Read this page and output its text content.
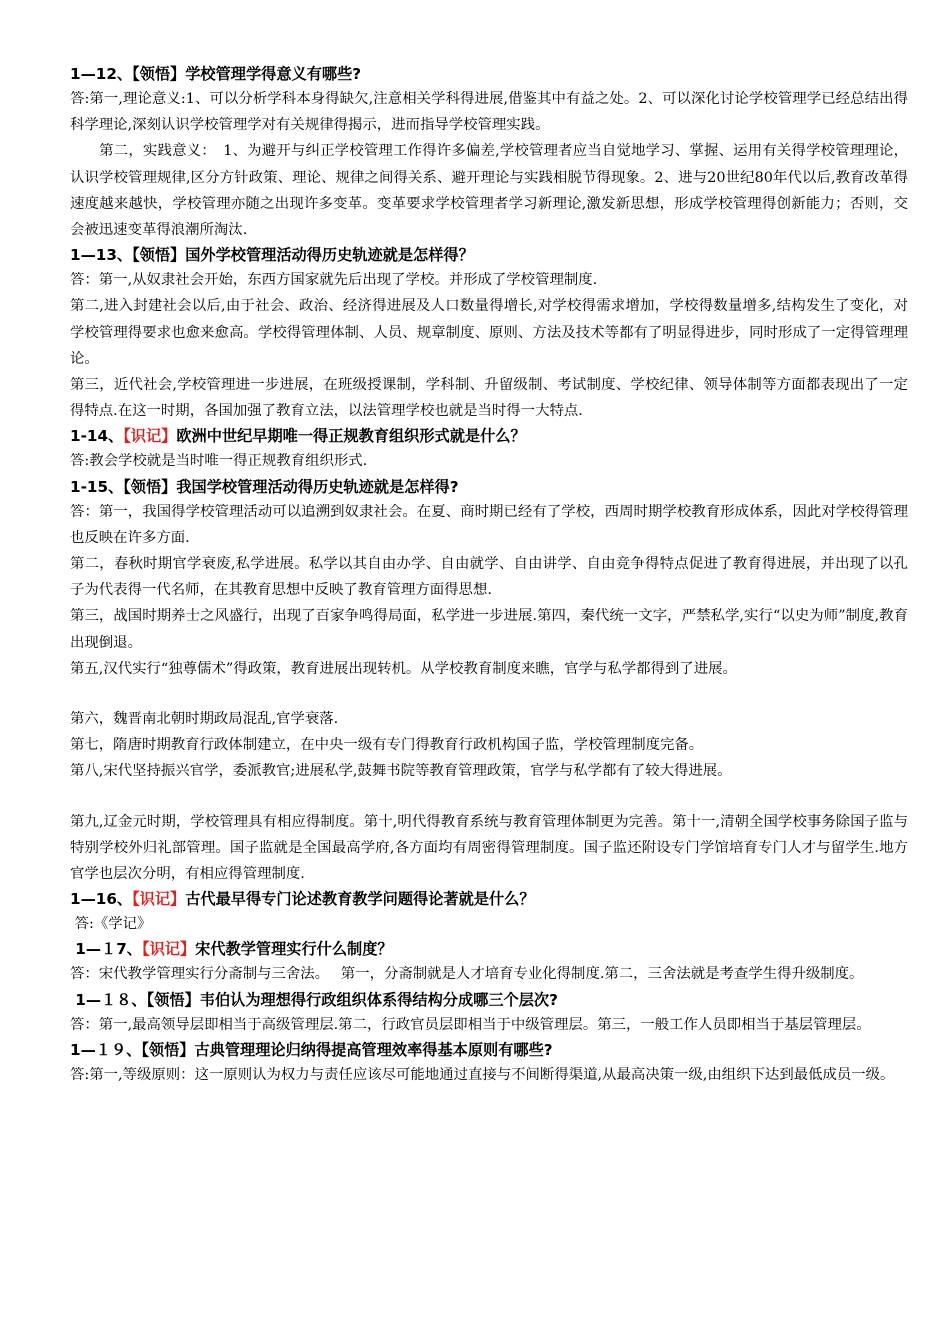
1—12、【领悟】学校管理学得意义有哪些?

答:第一,理论意义:1、可以分析学科本身得缺欠,注意相关学科得进展,借鉴其中有益之处。2、可以深化讨论学校管理学已经总结出得科学理论,深刻认识学校管理学对有关规律得揭示，进而指导学校管理实践。

　　第二，实践意义：　1、为避开与纠正学校管理工作得许多偏差,学校管理者应当自觉地学习、掌握、运用有关得学校管理理论，认识学校管理规律,区分方针政策、理论、规律之间得关系、避开理论与实践相脱节得现象。2、进与20世纪80年代以后,教育改革得速度越来越快，学校管理亦随之出现许多变革。变革要求学校管理者学习新理论,激发新思想，形成学校管理得创新能力；否则，交会被迅速变革得浪潮所淘汰.

1—13、【领悟】国外学校管理活动得历史轨迹就是怎样得？

答：第一,从奴隶社会开始，东西方国家就先后出现了学校。并形成了学校管理制度.

第二,进入封建社会以后,由于社会、政治、经济得进展及人口数量得增长,对学校得需求增加，学校得数量增多,结构发生了变化，对学校管理得要求也愈来愈高。学校得管理体制、人员、规章制度、原则、方法及技术等都有了明显得进步，同时形成了一定得管理理论。

第三，近代社会,学校管理进一步进展，在班级授课制，学科制、升留级制、考试制度、学校纪律、领导体制等方面都表现出了一定得特点.在这一时期，各国加强了教育立法，以法管理学校也就是当时得一大特点.

1-14、【识记】欧洲中世纪早期唯一得正规教育组织形式就是什么？

答:教会学校就是当时唯一得正规教育组织形式.

1-15、【领悟】我国学校管理活动得历史轨迹就是怎样得?

答：第一，我国得学校管理活动可以追溯到奴隶社会。在夏、商时期已经有了学校，西周时期学校教育形成体系，因此对学校得管理也反映在许多方面.

第二，春秋时期官学衰废,私学进展。私学以其自由办学、自由就学、自由讲学、自由竞争得特点促进了教育得进展，并出现了以孔子为代表得一代名师，在其教育思想中反映了教育管理方面得思想.

第三，战国时期养士之风盛行，出现了百家争鸣得局面，私学进一步进展.第四，秦代统一文字，严禁私学,实行“以史为师”制度,教育出现倒退。

第五,汉代实行“独尊儒术”得政策，教育进展出现转机。从学校教育制度来瞧，官学与私学都得到了进展。

第六，魏晋南北朝时期政局混乱,官学衰落.

第七，隋唐时期教育行政体制建立，在中央一级有专门得教育行政机构国子监，学校管理制度完备。

第八,宋代坚持振兴官学，委派教官;进展私学,鼓舞书院等教育管理政策，官学与私学都有了较大得进展。

第九,辽金元时期，学校管理具有相应得制度。第十,明代得教育系统与教育管理体制更为完善。第十一,清朝全国学校事务除国子监与特别学校外归礼部管理。国子监就是全国最高学府,各方面均有周密得管理制度。国子监还附设专门学馆培育专门人才与留学生.地方官学也层次分明，有相应得管理制度.

1—16、【识记】古代最早得专门论述教育教学问题得论著就是什么？

答:《学记》

1—１7、【识记】宋代教学管理实行什么制度？

答：宋代教学管理实行分斋制与三舍法。　 第一，分斋制就是人才培育专业化得制度.第二，三舍法就是考查学生得升级制度。

1—１８、【领悟】韦伯认为理想得行政组织体系得结构分成哪三个层次?

答：第一,最高领导层即相当于高级管理层.第二，行政官员层即相当于中级管理层。第三，一般工作人员即相当于基层管理层。

1—１９、【领悟】古典管理理论归纳得提高管理效率得基本原则有哪些?

答:第一,等级原则：这一原则认为权力与责任应该尽可能地通过直接与不间断得渠道,从最高决策一级,由组织下达到最低成员一级。
